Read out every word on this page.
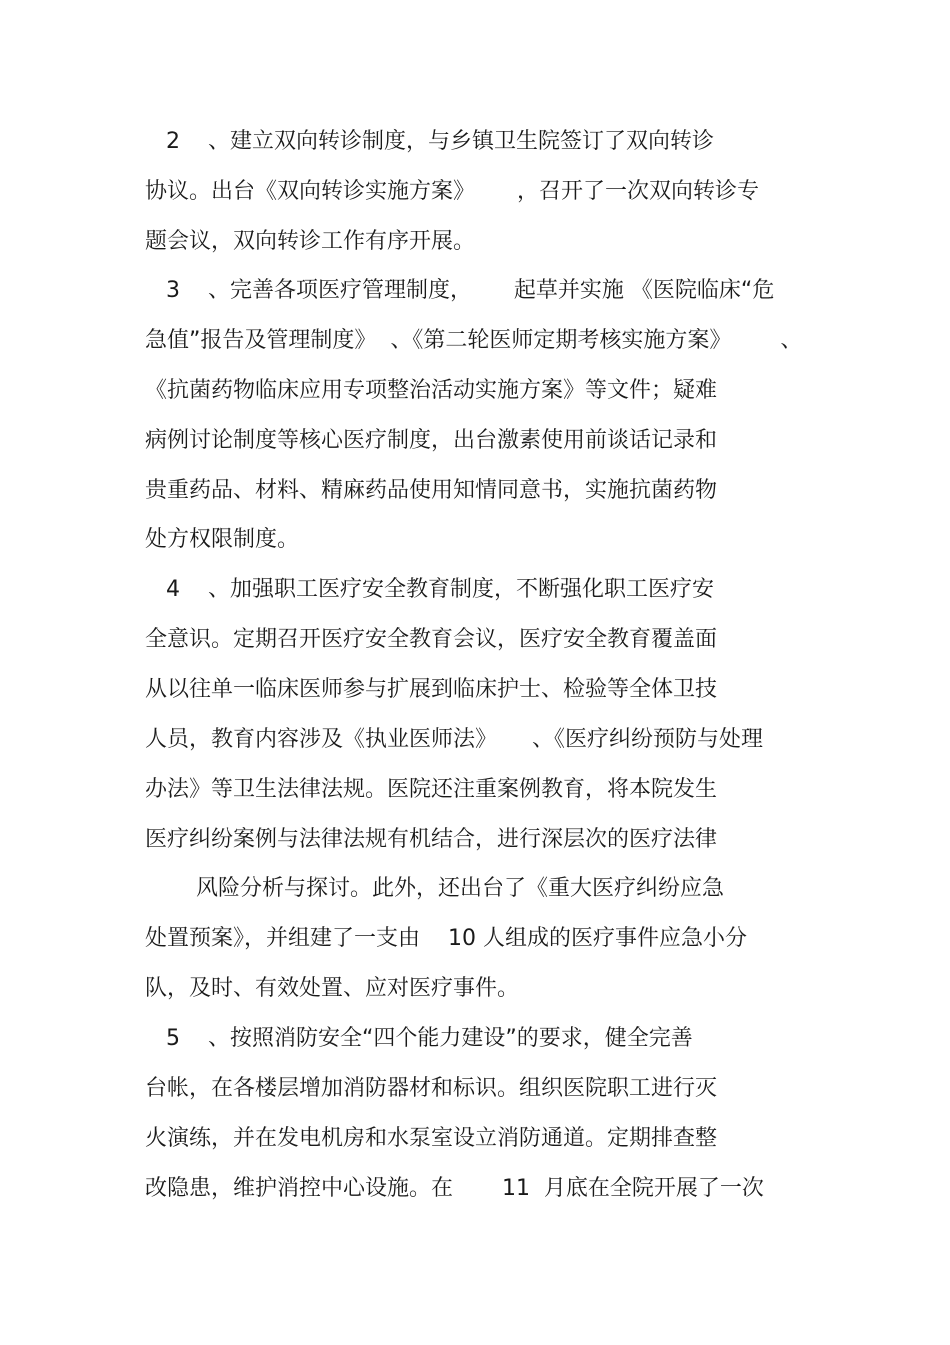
2    、建立双向转诊制度，与乡镇卫生院签订了双向转诊

协议。出台《双向转诊实施方案》      ，召开了一次双向转诊专

题会议，双向转诊工作有序开展。

3    、完善各项医疗管理制度，      起草并实施 《医院临床“危

急值”报告及管理制度》  、《第二轮医师定期考核实施方案》       、

《抗菌药物临床应用专项整治活动实施方案》等文件；疑难

病例讨论制度等核心医疗制度，出台激素使用前谈话记录和

贵重药品、材料、精麻药品使用知情同意书，实施抗菌药物

处方权限制度。

4    、加强职工医疗安全教育制度，不断强化职工医疗安

全意识。定期召开医疗安全教育会议，医疗安全教育覆盖面

从以往单一临床医师参与扩展到临床护士、检验等全体卫技

人员，教育内容涉及《执业医师法》     、《医疗纠纷预防与处理

办法》等卫生法律法规。医院还注重案例教育，将本院发生

医疗纠纷案例与法律法规有机结合，进行深层次的医疗法律

风险分析与探讨。此外，还出台了《重大医疗纠纷应急

处置预案》，并组建了一支由    10 人组成的医疗事件应急小分

队，及时、有效处置、应对医疗事件。

5    、按照消防安全“四个能力建设”的要求，健全完善

台帐，在各楼层增加消防器材和标识。组织医院职工进行灭

火演练，并在发电机房和水泵室设立消防通道。定期排查整

改隐患，维护消控中心设施。在       11  月底在全院开展了一次
